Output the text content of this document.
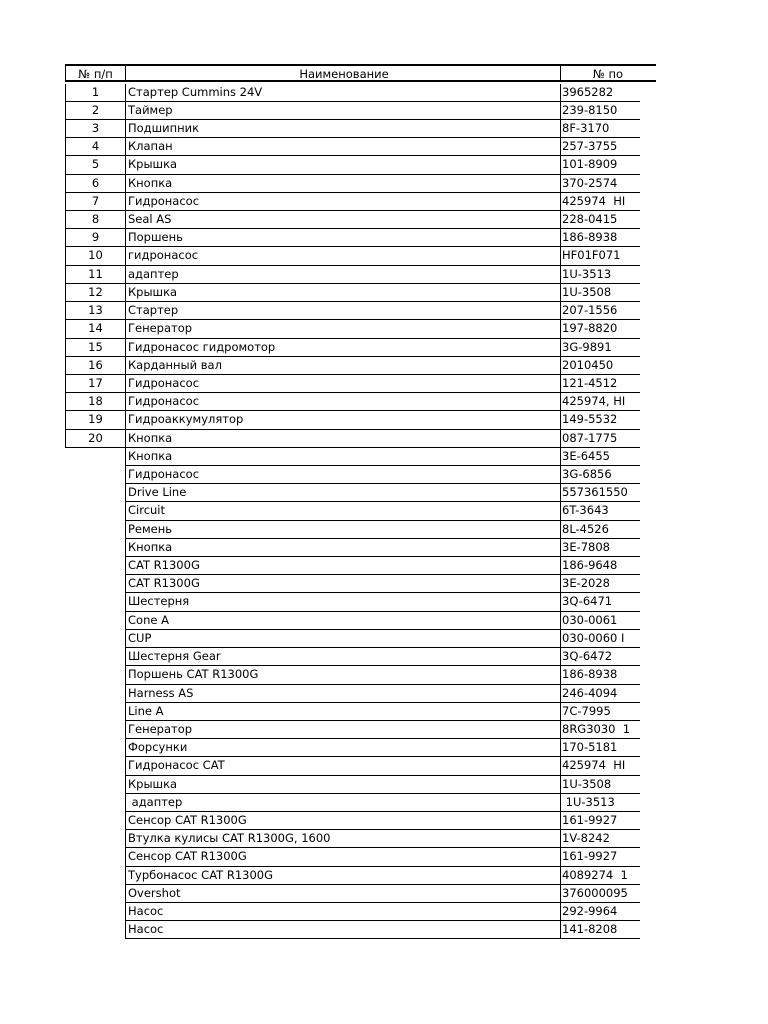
№ п/п	Наименование	№ по
1	Стартер Cummins 24V	3965282
2	Таймер	239-8150
3	Подшипник	8F-3170
4	Клапан	257-3755
5	Крышка	101-8909
6	Кнопка	370-2574
7	Гидронасос	425974  HI
8	Seal AS	228-0415
9	Поршень	186-8938
10	гидронасос	HF01F071
11	адаптер	1U-3513
12	Крышка	1U-3508
13	Стартер	207-1556
14	Генератор	197-8820
15	Гидронасос гидромотор	3G-9891
16	Карданный вал	2010450
17	Гидронасос	121-4512
18	Гидронасос	425974, HI
19	Гидроаккумулятор	149-5532
20	Кнопка	087-1775
Кнопка	3E-6455
Гидронасос	3G-6856
Drive Line	557361550
Circuit	6T-3643
Ремень	8L-4526
Кнопка	3E-7808
CAT R1300G	186-9648
CAT R1300G	3E-2028
Шестерня	3Q-6471
Cone A	030-0061
CUP	030-0060 I
Шестерня Gear	3Q-6472
Поршень CAT R1300G	186-8938
Harness AS	246-4094
Line A	7C-7995
Генератор	8RG3030  1
Форсунки	170-5181
Гидронасос CAT	425974  HI
Крышка	1U-3508
адаптер	1U-3513
Сенсор CAT R1300G	161-9927
Втулка кулисы CAT R1300G, 1600	1V-8242
Сенсор CAT R1300G	161-9927
Турбонасос CAT R1300G	4089274  1
Overshot	376000095
Насос	292-9964
Насос	141-8208
